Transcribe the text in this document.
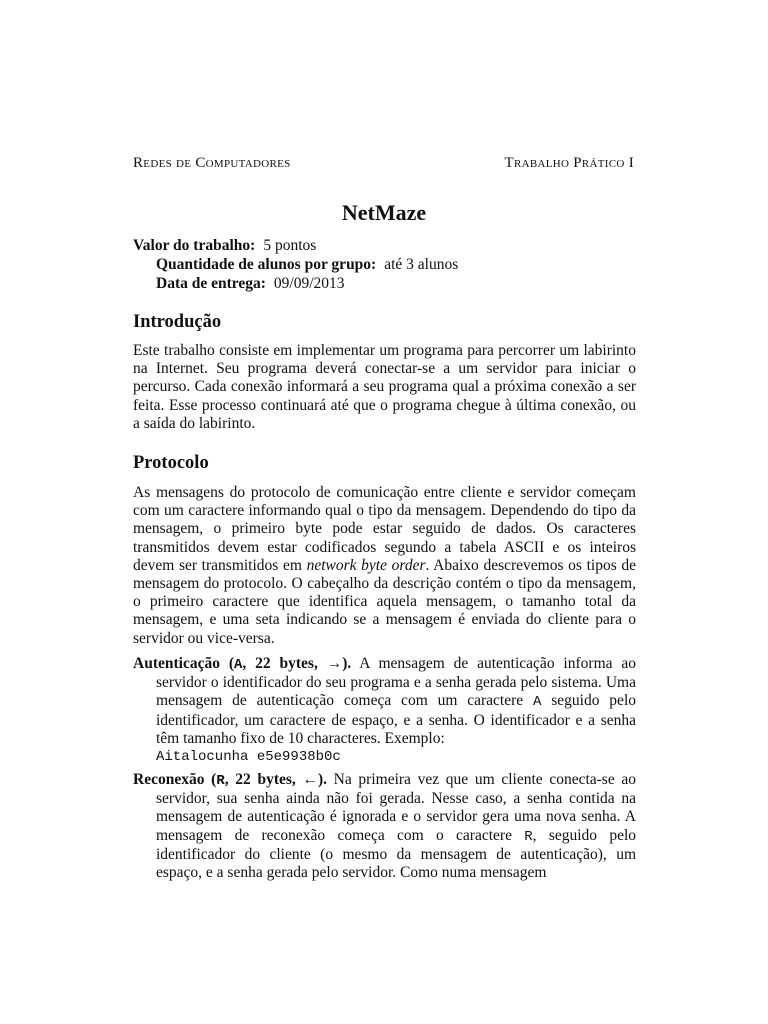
Redes de Computadores	Trabalho Prático I
NetMaze
Valor do trabalho: 5 pontos
Quantidade de alunos por grupo: até 3 alunos
Data de entrega: 09/09/2013
Introdução

Este trabalho consiste em implementar um programa para percorrer um labirinto na Internet. Seu programa deverá conectar-se a um servidor para iniciar o percurso. Cada conexão informará a seu programa qual a próxima conexão a ser feita. Esse processo continuará até que o programa chegue à última conexão, ou a saída do labirinto.

Protocolo

As mensagens do protocolo de comunicação entre cliente e servidor começam com um caractere informando qual o tipo da mensagem. Dependendo do tipo da mensagem, o primeiro byte pode estar seguido de dados. Os caracteres transmitidos devem estar codificados segundo a tabela ASCII e os inteiros devem ser transmitidos em network byte order. Abaixo descrevemos os tipos de mensagem do protocolo. O cabeçalho da descrição contém o tipo da mensagem, o primeiro caractere que identifica aquela mensagem, o tamanho total da mensagem, e uma seta indicando se a mensagem é enviada do cliente para o servidor ou vice-versa.

Autenticação (A, 22 bytes, →). A mensagem de autenticação informa ao servidor o identificador do seu programa e a senha gerada pelo sistema. Uma mensagem de autenticação começa com um caractere A seguido pelo identificador, um caractere de espaço, e a senha. O identificador e a senha têm tamanho fixo de 10 characteres. Exemplo:
Aitalocunha e5e9938b0c
Reconexão (R, 22 bytes, ←). Na primeira vez que um cliente conecta-se ao servidor, sua senha ainda não foi gerada. Nesse caso, a senha contida na mensagem de autenticação é ignorada e o servidor gera uma nova senha. A mensagem de reconexão começa com o caractere R, seguido pelo identificador do cliente (o mesmo da mensagem de autenticação), um espaço, e a senha gerada pelo servidor. Como numa mensagem
